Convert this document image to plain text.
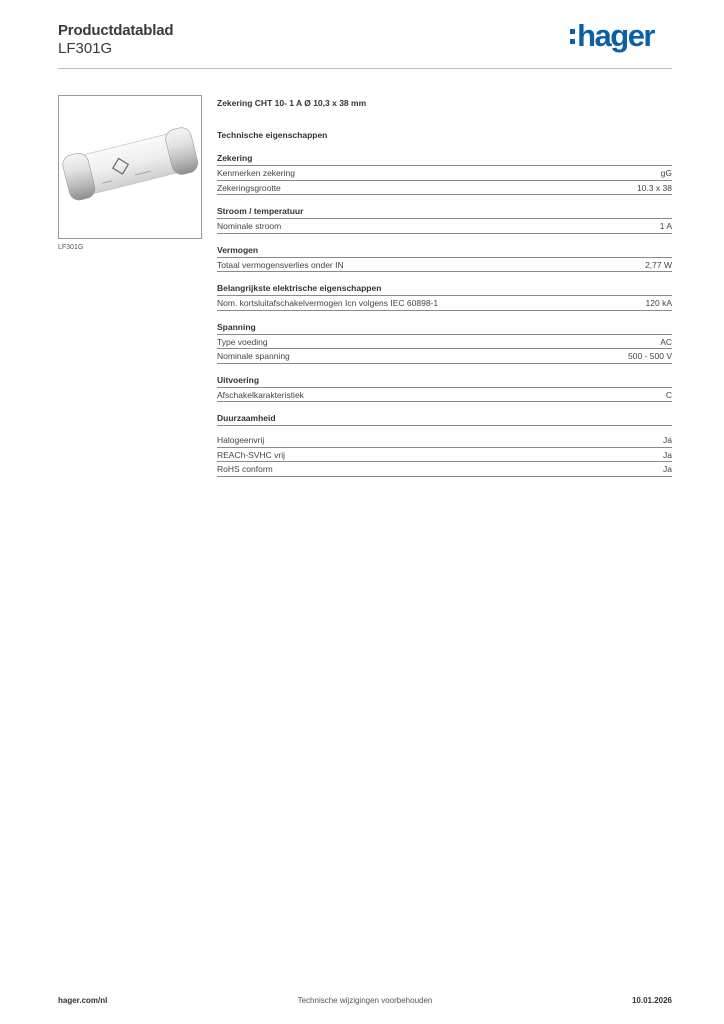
Productdatablad
LF301G	hager
LF301G
Zekering CHT 10- 1 A Ø 10,3 x 38 mm
Technische eigenschappen
Zekering
Kenmerken zekering	gG
Zekeringsgrootte	10.3 x 38
Stroom / temperatuur
Nominale stroom	1 A
Vermogen
Totaal vermogensverlies onder IN	2,77 W
Belangrijkste elektrische eigenschappen
Nom. kortsluitafschakelvermogen Icn volgens IEC 60898-1	120 kA
Spanning
Type voeding	AC
Nominale spanning	500 - 500 V
Uitvoering
Afschakelkarakteristiek	C
Duurzaamheid
Halogeenvrij	Ja
REACh-SVHC vrij	Ja
RoHS conform	Ja
hager.com/nl	Technische wijzigingen voorbehouden	10.01.2026
